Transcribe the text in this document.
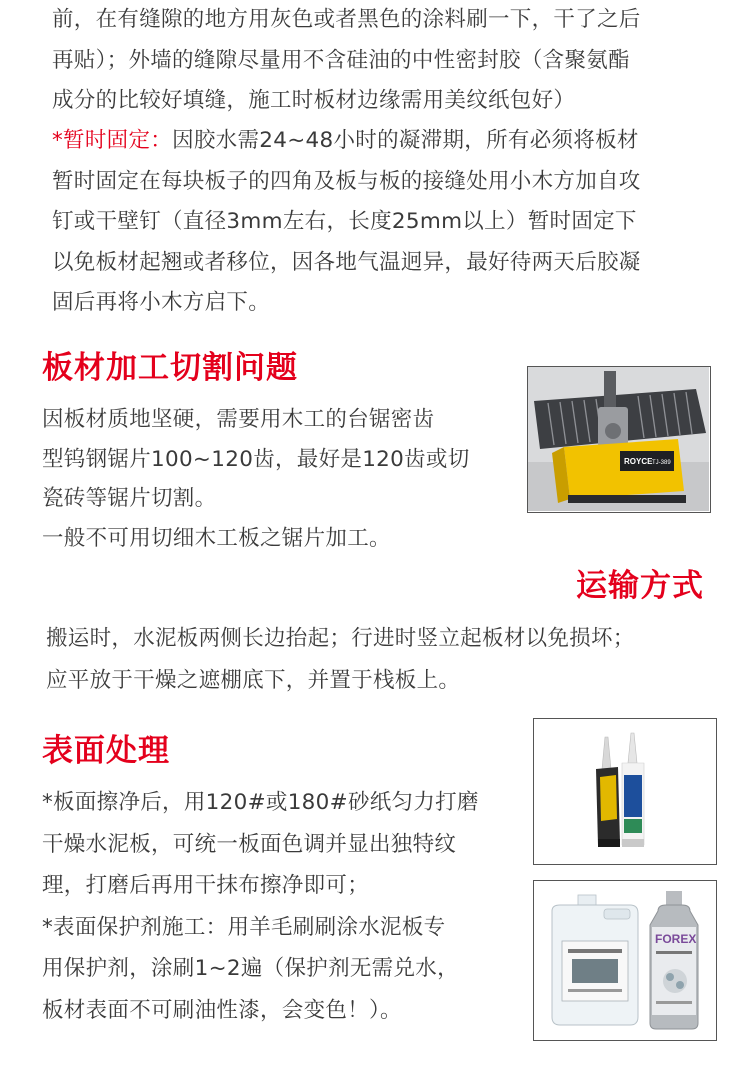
前，在有缝隙的地方用灰色或者黑色的涂料刷一下，干了之后
再贴）；外墙的缝隙尽量用不含硅油的中性密封胶（含聚氨酯
成分的比较好填缝，施工时板材边缘需用美纹纸包好）
*暂时固定：因胶水需24~48小时的凝滞期，所有必须将板材
暂时固定在每块板子的四角及板与板的接缝处用小木方加自攻
钉或干壁钉（直径3mm左右，长度25mm以上）暂时固定下
以免板材起翘或者移位，因各地气温迥异，最好待两天后胶凝
固后再将小木方启下。
板材加工切割问题
因板材质地坚硬，需要用木工的台锯密齿
型钨钢锯片100~120齿，最好是120齿或切
瓷砖等锯片切割。
一般不可用切细木工板之锯片加工。
ROYCE TJ-389
运输方式
搬运时，水泥板两侧长边抬起；行进时竖立起板材以免损坏；
应平放于干燥之遮棚底下，并置于栈板上。
表面处理
*板面擦净后，用120#或180#砂纸匀力打磨
干燥水泥板，可统一板面色调并显出独特纹
理，打磨后再用干抹布擦净即可；
*表面保护剂施工：用羊毛刷刷涂水泥板专
用保护剂，涂刷1~2遍（保护剂无需兑水，
板材表面不可刷油性漆，会变色！）。
FOREX
